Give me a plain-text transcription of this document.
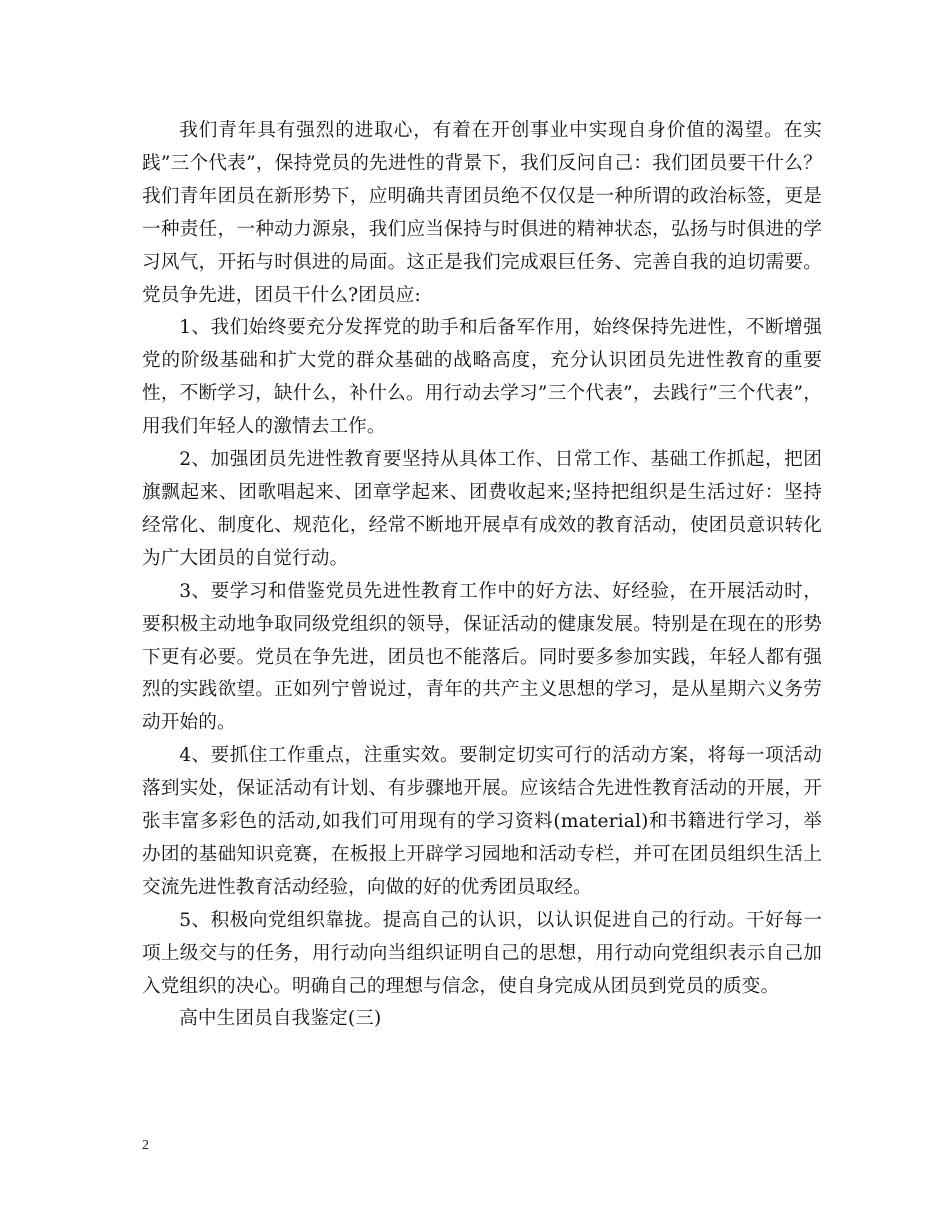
我们青年具有强烈的进取心，有着在开创事业中实现自身价值的渴望。在实践”三个代表”，保持党员的先进性的背景下，我们反问自己：我们团员要干什么？我们青年团员在新形势下，应明确共青团员绝不仅仅是一种所谓的政治标签，更是一种责任，一种动力源泉，我们应当保持与时俱进的精神状态，弘扬与时俱进的学习风气，开拓与时俱进的局面。这正是我们完成艰巨任务、完善自我的迫切需要。党员争先进，团员干什么?团员应:

1、我们始终要充分发挥党的助手和后备军作用，始终保持先进性，不断增强党的阶级基础和扩大党的群众基础的战略高度，充分认识团员先进性教育的重要性，不断学习，缺什么，补什么。用行动去学习”三个代表”，去践行”三个代表”，用我们年轻人的激情去工作。

2、加强团员先进性教育要坚持从具体工作、日常工作、基础工作抓起，把团旗飘起来、团歌唱起来、团章学起来、团费收起来;坚持把组织是生活过好：坚持经常化、制度化、规范化，经常不断地开展卓有成效的教育活动，使团员意识转化为广大团员的自觉行动。

3、要学习和借鉴党员先进性教育工作中的好方法、好经验，在开展活动时，要积极主动地争取同级党组织的领导，保证活动的健康发展。特别是在现在的形势下更有必要。党员在争先进，团员也不能落后。同时要多参加实践，年轻人都有强烈的实践欲望。正如列宁曾说过，青年的共产主义思想的学习，是从星期六义务劳动开始的。

4、要抓住工作重点，注重实效。要制定切实可行的活动方案，将每一项活动落到实处，保证活动有计划、有步骤地开展。应该结合先进性教育活动的开展，开张丰富多彩色的活动,如我们可用现有的学习资料(material)和书籍进行学习，举办团的基础知识竞赛，在板报上开辟学习园地和活动专栏，并可在团员组织生活上交流先进性教育活动经验，向做的好的优秀团员取经。

5、积极向党组织靠拢。提高自己的认识，以认识促进自己的行动。干好每一项上级交与的任务，用行动向当组织证明自己的思想，用行动向党组织表示自己加入党组织的决心。明确自己的理想与信念，使自身完成从团员到党员的质变。

高中生团员自我鉴定(三)

2
